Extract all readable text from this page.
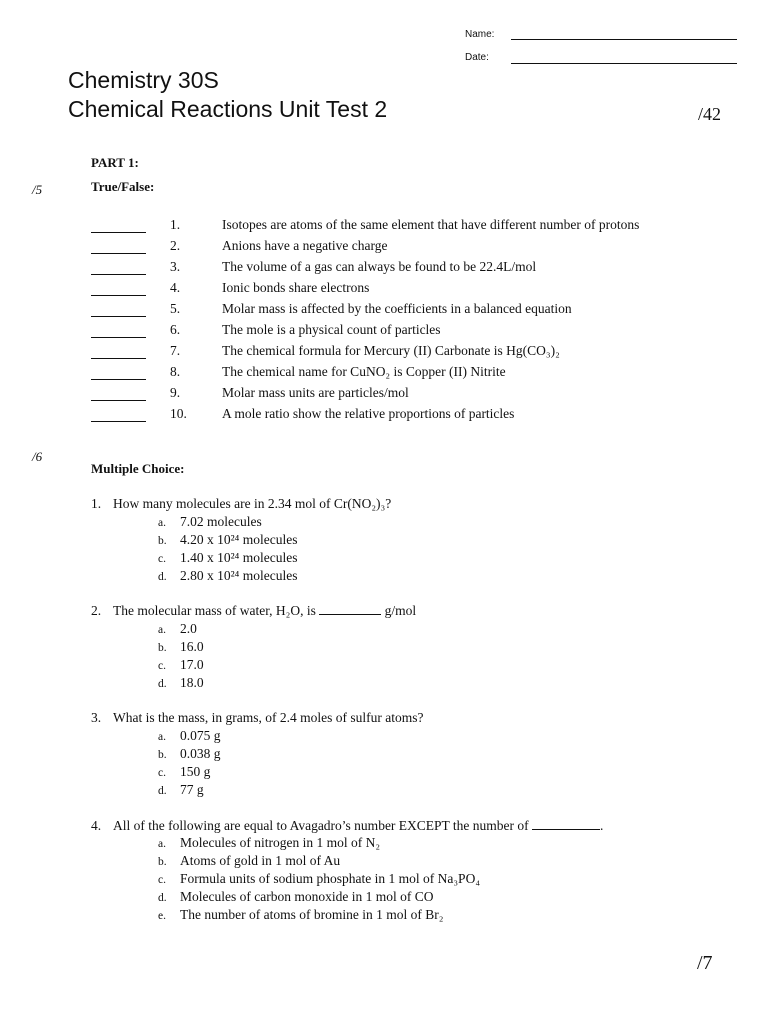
Name:
Date:
Chemistry 30S
Chemical Reactions Unit Test 2	/42
PART 1:
/5	True/False:
1.	Isotopes are atoms of the same element that have different number of protons
2.	Anions have a negative charge
3.	The volume of a gas can always be found to be 22.4L/mol
4.	Ionic bonds share electrons
5.	Molar mass is affected by the coefficients in a balanced equation
6.	The mole is a physical count of particles
7.	The chemical formula for Mercury (II) Carbonate is Hg(CO₃)₂
8.	The chemical name for CuNO₂ is Copper (II) Nitrite
9.	Molar mass units are particles/mol
10.	A mole ratio show the relative proportions of particles
/6
Multiple Choice:
1. How many molecules are in 2.34 mol of Cr(NO₂)₃?
a. 7.02 molecules
b. 4.20 x 10²⁴ molecules
c. 1.40 x 10²⁴ molecules
d. 2.80 x 10²⁴ molecules
2. The molecular mass of water, H₂O, is	g/mol
a. 2.0
b. 16.0
c. 17.0
d. 18.0
3. What is the mass, in grams, of 2.4 moles of sulfur atoms?
a. 0.075 g
b. 0.038 g
c. 150 g
d. 77 g
4. All of the following are equal to Avagadro’s number EXCEPT the number of	.
a. Molecules of nitrogen in 1 mol of N₂
b. Atoms of gold in 1 mol of Au
c. Formula units of sodium phosphate in 1 mol of Na₃PO₄
d. Molecules of carbon monoxide in 1 mol of CO
e. The number of atoms of bromine in 1 mol of Br₂
/7
